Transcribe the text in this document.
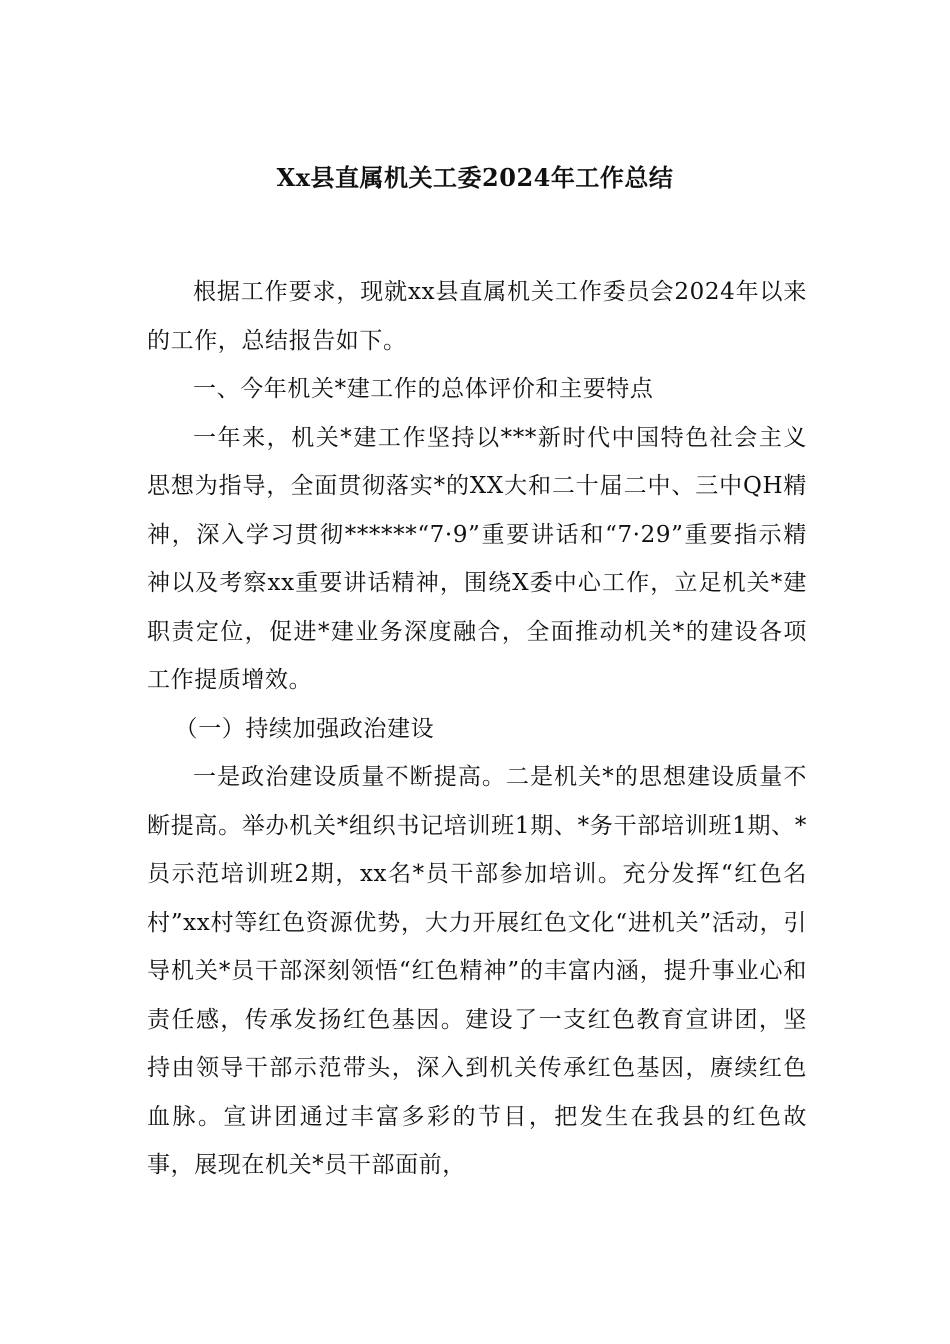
Xx县直属机关工委2024年工作总结

根据工作要求，现就xx县直属机关工作委员会2024年以来的工作，总结报告如下。

一、今年机关*建工作的总体评价和主要特点

一年来，机关*建工作坚持以***新时代中国特色社会主义思想为指导，全面贯彻落实*的XX大和二十届二中、三中QH精神，深入学习贯彻******“7·9”重要讲话和“7·29”重要指示精神以及考察xx重要讲话精神，围绕X委中心工作，立足机关*建职责定位，促进*建业务深度融合，全面推动机关*的建设各项工作提质增效。

（一）持续加强政治建设

一是政治建设质量不断提高。二是机关*的思想建设质量不断提高。举办机关*组织书记培训班1期、*务干部培训班1期、*员示范培训班2期，xx名*员干部参加培训。充分发挥“红色名村”xx村等红色资源优势，大力开展红色文化“进机关”活动，引导机关*员干部深刻领悟“红色精神”的丰富内涵，提升事业心和责任感，传承发扬红色基因。建设了一支红色教育宣讲团，坚持由领导干部示范带头，深入到机关传承红色基因，赓续红色血脉。宣讲团通过丰富多彩的节目，把发生在我县的红色故事，展现在机关*员干部面前，
